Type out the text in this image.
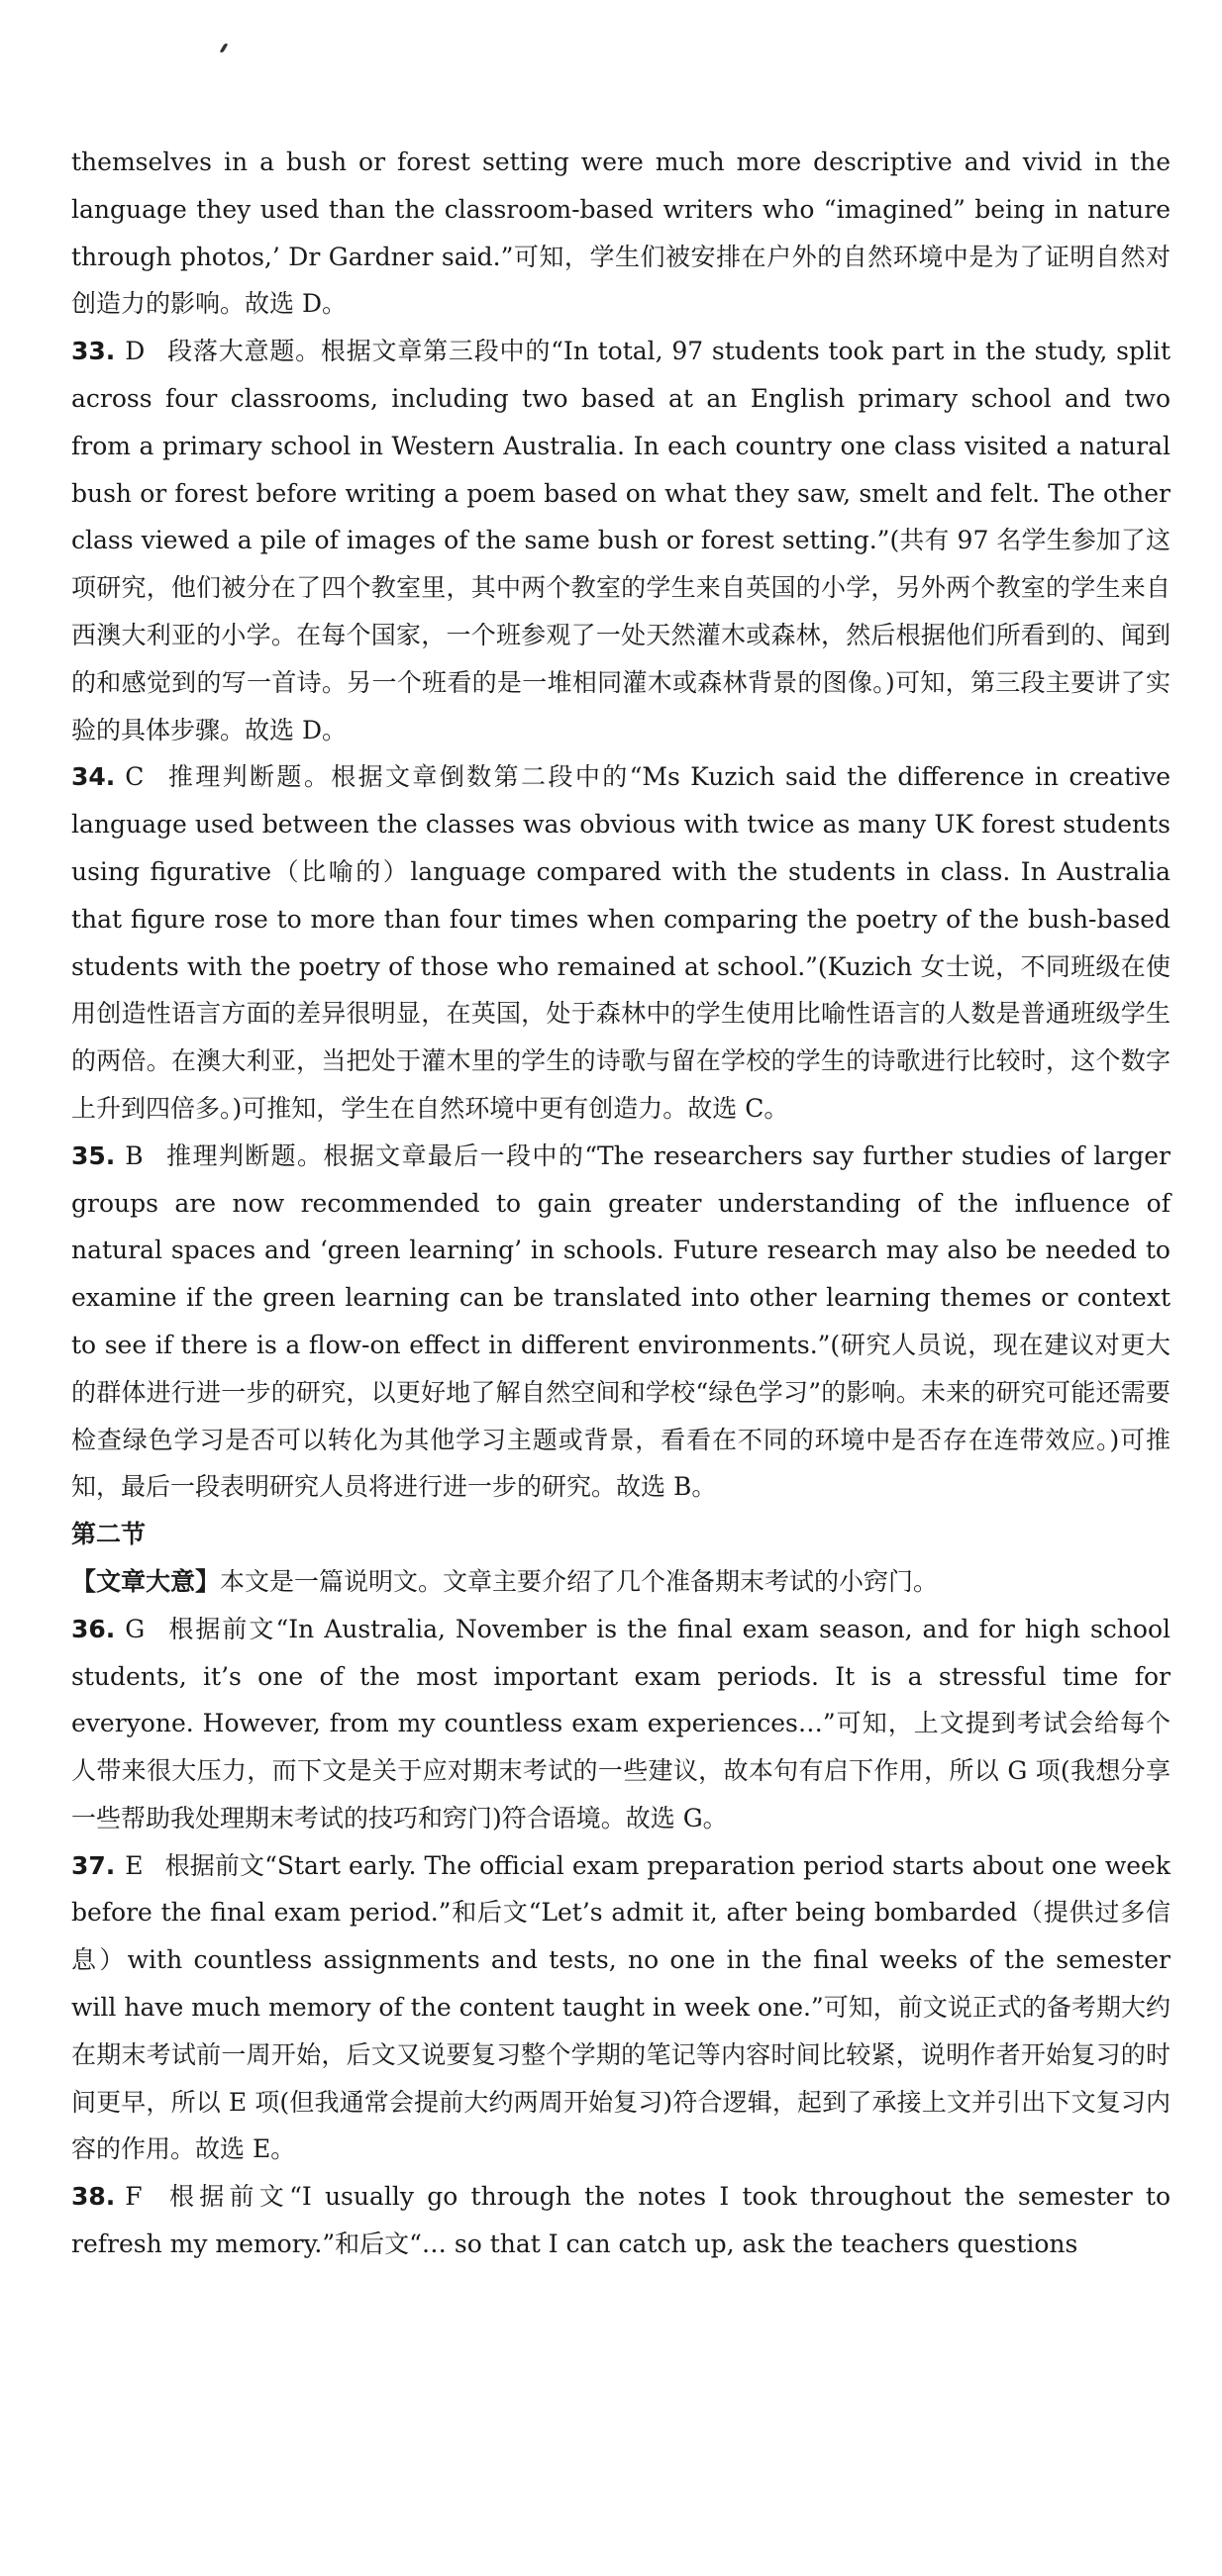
themselves in a bush or forest setting were much more descriptive and vivid in the language they used than the classroom-based writers who “imagined” being in nature through photos,’ Dr Gardner said.”可知，学生们被安排在户外的自然环境中是为了证明自然对创造力的影响。故选 D。

33. D 段落大意题。根据文章第三段中的“In total, 97 students took part in the study, split across four classrooms, including two based at an English primary school and two from a primary school in Western Australia. In each country one class visited a natural bush or forest before writing a poem based on what they saw, smelt and felt. The other class viewed a pile of images of the same bush or forest setting.”(共有 97 名学生参加了这项研究，他们被分在了四个教室里，其中两个教室的学生来自英国的小学，另外两个教室的学生来自西澳大利亚的小学。在每个国家，一个班参观了一处天然灌木或森林，然后根据他们所看到的、闻到的和感觉到的写一首诗。另一个班看的是一堆相同灌木或森林背景的图像。)可知，第三段主要讲了实验的具体步骤。故选 D。

34. C 推理判断题。根据文章倒数第二段中的“Ms Kuzich said the difference in creative language used between the classes was obvious with twice as many UK forest students using figurative（比喻的）language compared with the students in class. In Australia that figure rose to more than four times when comparing the poetry of the bush-based students with the poetry of those who remained at school.”(Kuzich 女士说，不同班级在使用创造性语言方面的差异很明显，在英国，处于森林中的学生使用比喻性语言的人数是普通班级学生的两倍。在澳大利亚，当把处于灌木里的学生的诗歌与留在学校的学生的诗歌进行比较时，这个数字上升到四倍多。)可推知，学生在自然环境中更有创造力。故选 C。

35. B 推理判断题。根据文章最后一段中的“The researchers say further studies of larger groups are now recommended to gain greater understanding of the influence of natural spaces and ‘green learning’ in schools. Future research may also be needed to examine if the green learning can be translated into other learning themes or context to see if there is a flow-on effect in different environments.”(研究人员说，现在建议对更大的群体进行进一步的研究，以更好地了解自然空间和学校“绿色学习”的影响。未来的研究可能还需要检查绿色学习是否可以转化为其他学习主题或背景，看看在不同的环境中是否存在连带效应。)可推知，最后一段表明研究人员将进行进一步的研究。故选 B。

第二节

【文章大意】本文是一篇说明文。文章主要介绍了几个准备期末考试的小窍门。

36. G 根据前文“In Australia, November is the final exam season, and for high school students, it’s one of the most important exam periods. It is a stressful time for everyone. However, from my countless exam experiences…”可知，上文提到考试会给每个人带来很大压力，而下文是关于应对期末考试的一些建议，故本句有启下作用，所以 G 项(我想分享一些帮助我处理期末考试的技巧和窍门)符合语境。故选 G。

37. E 根据前文“Start early. The official exam preparation period starts about one week before the final exam period.”和后文“Let’s admit it, after being bombarded（提供过多信息）with countless assignments and tests, no one in the final weeks of the semester will have much memory of the content taught in week one.”可知，前文说正式的备考期大约在期末考试前一周开始，后文又说要复习整个学期的笔记等内容时间比较紧，说明作者开始复习的时间更早，所以 E 项(但我通常会提前大约两周开始复习)符合逻辑，起到了承接上文并引出下文复习内容的作用。故选 E。

38. F 根据前文“I usually go through the notes I took throughout the semester to refresh my memory.”和后文“… so that I can catch up, ask the teachers questions
